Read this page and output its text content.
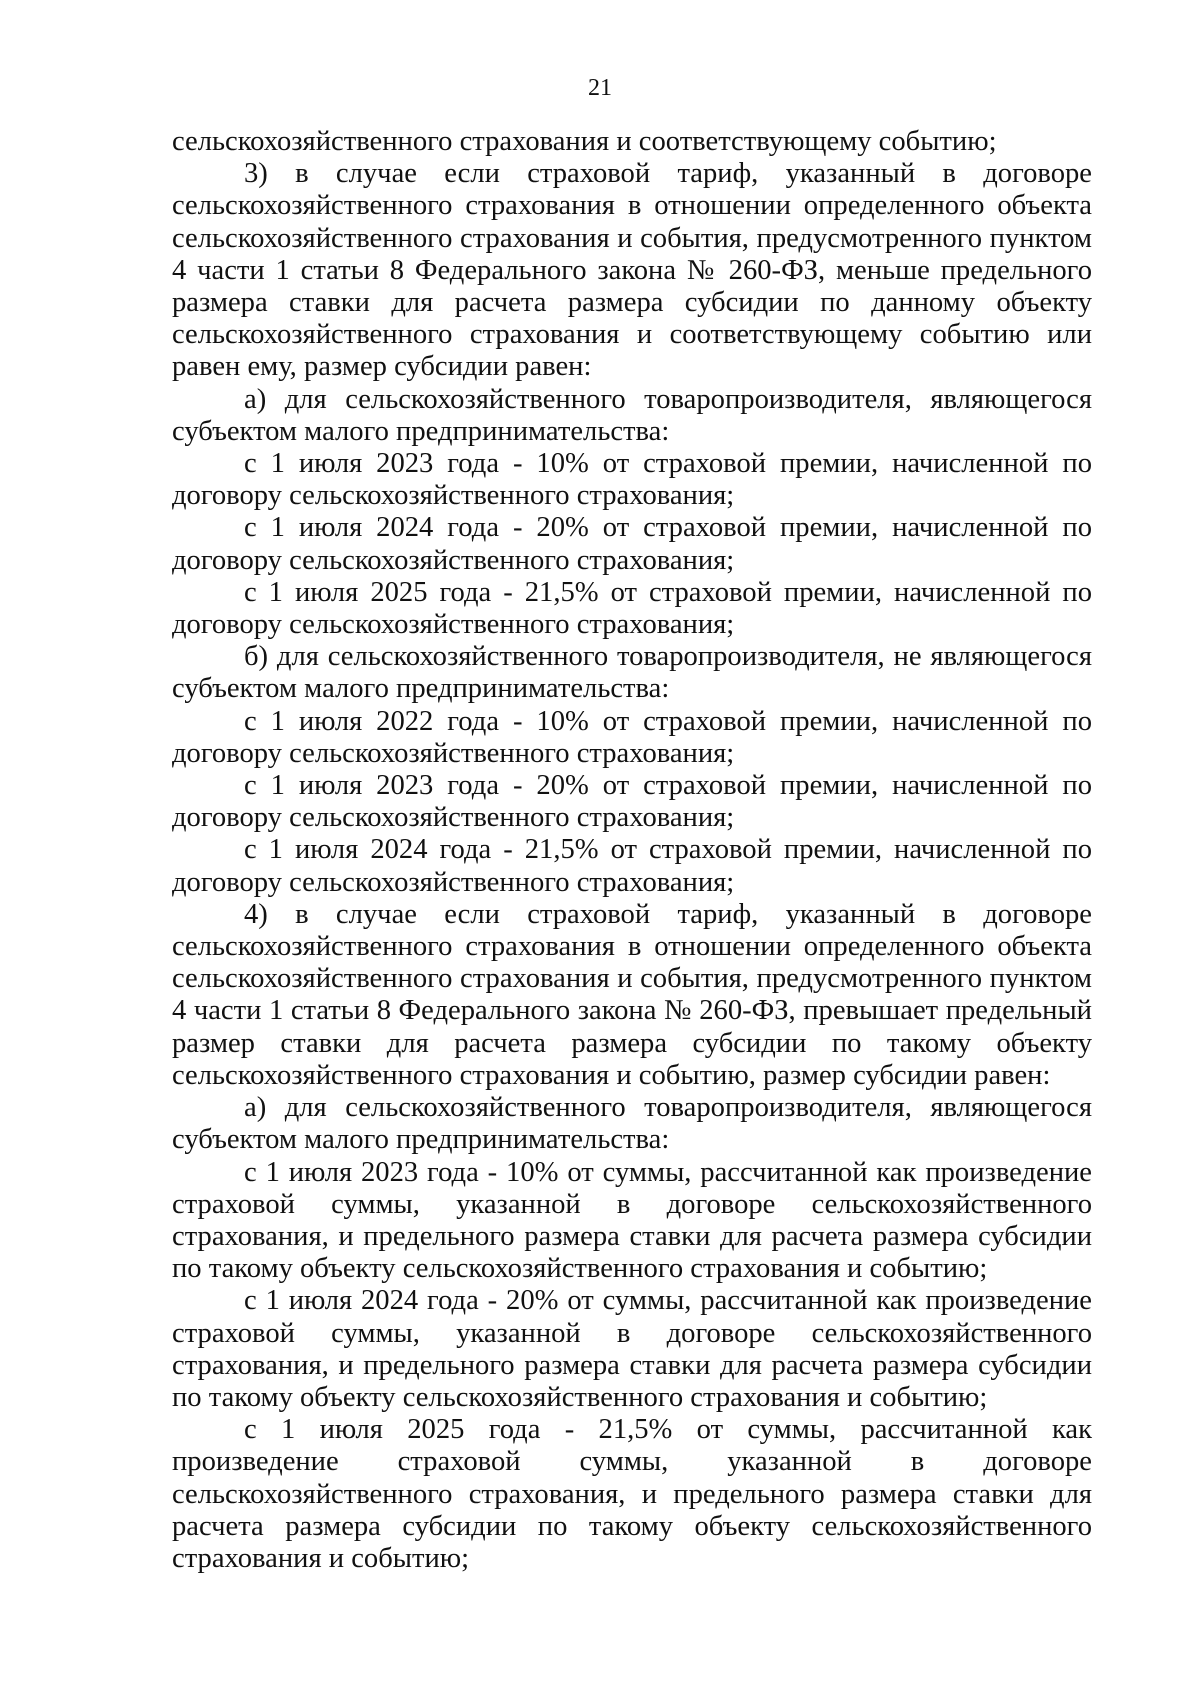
21

сельскохозяйственного страхования и соответствующему событию;

3) в случае если страховой тариф, указанный в договоре сельскохозяйственного страхования в отношении определенного объекта сельскохозяйственного страхования и события, предусмотренного пунктом 4 части 1 статьи 8 Федерального закона № 260-ФЗ, меньше предельного размера ставки для расчета размера субсидии по данному объекту сельскохозяйственного страхования и соответствующему событию или равен ему, размер субсидии равен:

а) для сельскохозяйственного товаропроизводителя, являющегося субъектом малого предпринимательства:

с 1 июля 2023 года - 10% от страховой премии, начисленной по договору сельскохозяйственного страхования;

с 1 июля 2024 года - 20% от страховой премии, начисленной по договору сельскохозяйственного страхования;

с 1 июля 2025 года - 21,5% от страховой премии, начисленной по договору сельскохозяйственного страхования;

б) для сельскохозяйственного товаропроизводителя, не являющегося субъектом малого предпринимательства:

с 1 июля 2022 года - 10% от страховой премии, начисленной по договору сельскохозяйственного страхования;

с 1 июля 2023 года - 20% от страховой премии, начисленной по договору сельскохозяйственного страхования;

с 1 июля 2024 года - 21,5% от страховой премии, начисленной по договору сельскохозяйственного страхования;

4) в случае если страховой тариф, указанный в договоре сельскохозяйственного страхования в отношении определенного объекта сельскохозяйственного страхования и события, предусмотренного пунктом 4 части 1 статьи 8 Федерального закона № 260-ФЗ, превышает предельный размер ставки для расчета размера субсидии по такому объекту сельскохозяйственного страхования и событию, размер субсидии равен:

а) для сельскохозяйственного товаропроизводителя, являющегося субъектом малого предпринимательства:

с 1 июля 2023 года - 10% от суммы, рассчитанной как произведение страховой суммы, указанной в договоре сельскохозяйственного страхования, и предельного размера ставки для расчета размера субсидии по такому объекту сельскохозяйственного страхования и событию;

с 1 июля 2024 года - 20% от суммы, рассчитанной как произведение страховой суммы, указанной в договоре сельскохозяйственного страхования, и предельного размера ставки для расчета размера субсидии по такому объекту сельскохозяйственного страхования и событию;

с 1 июля 2025 года - 21,5% от суммы, рассчитанной как произведение страховой суммы, указанной в договоре сельскохозяйственного страхования, и предельного размера ставки для расчета размера субсидии по такому объекту сельскохозяйственного страхования и событию;
